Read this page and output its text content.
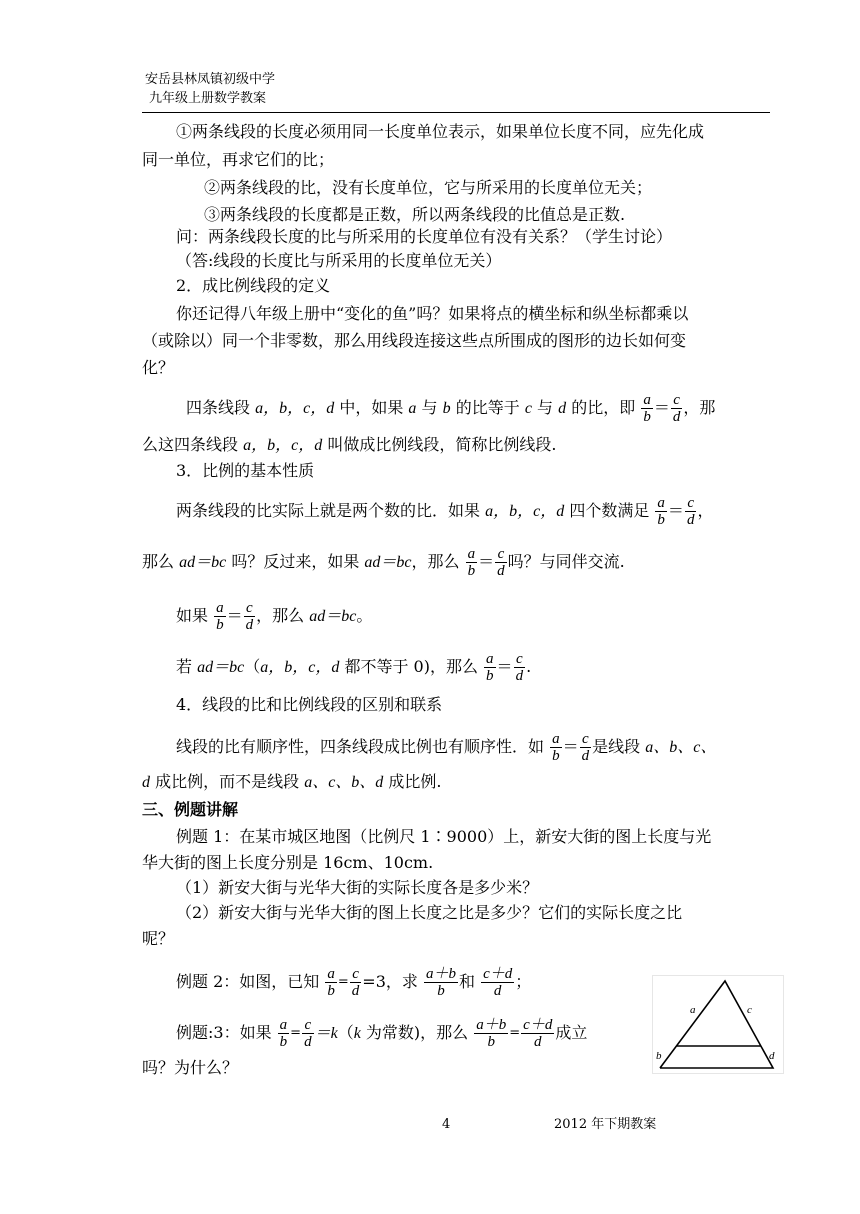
安岳县林凤镇初级中学
九年级上册数学教案
①两条线段的长度必须用同一长度单位表示，如果单位长度不同，应先化成
同一单位，再求它们的比；
②两条线段的比，没有长度单位，它与所采用的长度单位无关；
③两条线段的长度都是正数，所以两条线段的比值总是正数.
问：两条线段长度的比与所采用的长度单位有没有关系？（学生讨论）
（答:线段的长度比与所采用的长度单位无关）
2．成比例线段的定义
你还记得八年级上册中“变化的鱼”吗？如果将点的横坐标和纵坐标都乘以
（或除以）同一个非零数，那么用线段连接这些点所围成的图形的边长如何变
化？
四条线段 a，b，c，d 中，如果 a 与 b 的比等于 c 与 d 的比，即 $\frac{a}{b} = \frac{c}{d}$ ，那
么这四条线段 a，b，c，d 叫做成比例线段，简称比例线段.
3．比例的基本性质
两条线段的比实际上就是两个数的比．如果 a，b，c，d 四个数满足 $\frac{a}{b} = \frac{c}{d}$ ，
那么 ad＝bc 吗？反过来，如果 ad＝bc，那么 $\frac{a}{b} = \frac{c}{d}$ 吗？与同伴交流.
如果 $\frac{a}{b} = \frac{c}{d}$ ，那么 ad＝bc。
若 ad＝bc（a，b，c，d 都不等于 0)，那么 $\frac{a}{b} = \frac{c}{d}$ .
4．线段的比和比例线段的区别和联系
线段的比有顺序性，四条线段成比例也有顺序性．如 $\frac{a}{b} = \frac{c}{d}$ 是线段 a、b、c、
d 成比例，而不是线段 a、c、b、d 成比例.
三、例题讲解
例题 1：在某市城区地图（比例尺 1∶9000）上，新安大街的图上长度与光
华大街的图上长度分别是 16cm、10cm.
（1）新安大街与光华大街的实际长度各是多少米？
（2）新安大街与光华大街的图上长度之比是多少？它们的实际长度之比
呢？
例题 2：如图，已知 $\frac{a}{b} = \frac{c}{d} =3$，求 $\frac{a+b}{b}$ 和 $\frac{c+d}{d}$ ；
例题:3：如果 $\frac{a}{b} = \frac{c}{d} =k(k$ 为常数)，那么 $\frac{a+b}{b} = \frac{c+d}{d}$ 成立
吗？为什么？
a	c
b	d
4	2012 年下期教案
